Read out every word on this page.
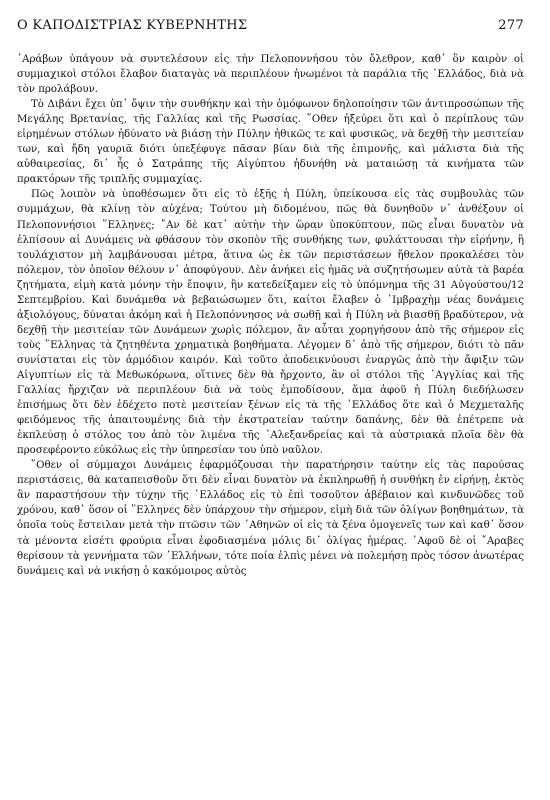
Ο ΚΑΠΟΔΙΣΤΡΙΑΣ ΚΥΒΕΡΝΗΤΗΣ	277

᾿Αράβων ὑπάγουν νὰ συντελέσουν εἰς τὴν Πελοποννήσου τὸν ὄλεθρον, καθ᾿ ὃν καιρὸν οἱ συμμαχικοὶ στόλοι ἔλαβον διαταγὰς νὰ περιπλέουν ἡνωμένοι τὰ παράλια τῆς ῾Ελλάδος, διὰ νὰ τὸν προλάβουν.

Τὸ Διβάνι ἔχει ὑπ᾿ ὄψιν τὴν συνθήκην καὶ τὴν ὁμόφωνον δηλοποίησιν τῶν ἀντιπροσώπων τῆς Μεγάλης Βρετανίας, τῆς Γαλλίας καὶ τῆς Ρωσσίας. ῞Οθεν ἠξεύρει ὅτι καὶ ὁ περίπλους τῶν εἰρημένων στόλων ἠδύνατο νὰ βιάσῃ τὴν Πύλην ἠθικῶς τε καὶ φυσικῶς, νὰ δεχθῇ τὴν μεσιτείαν των, καὶ ἤδη γαυριᾶ διότι ὑπεξέφυγε πᾶσαν βίαν διὰ τῆς ἐπιμονῆς, καὶ μάλιστα διὰ τῆς αὐθαιρεσίας, δι᾿ ἧς ὁ Σατράπης τῆς Αἰγύπτου ἠδυνήθη νὰ ματαιώσῃ τὰ κινήματα τῶν πρακτόρων τῆς τριπλῆς συμμαχίας.

Πῶς λοιπὸν νὰ ὑποθέσωμεν ὅτι εἰς τὸ ἑξῆς ἡ Πύλη, ὑπείκουσα εἰς τὰς συμβουλὰς τῶν συμμάχων, θὰ κλίνῃ τὸν αὐχένα; Τούτου μὴ διδομένου, πῶς θὰ δυνηθοῦν ν᾿ ἀνθέξουν οἱ Πελοποννήσιοι ῞Ελληνες; ῎Αν δὲ κατ᾿ αὐτὴν τὴν ὥραν ὑποκύπτουν, πῶς εἶναι δυνατὸν νὰ ἐλπίσουν αἱ Δυνάμεις νὰ φθάσουν τὸν σκοπὸν τῆς συνθήκης των, φυλάττουσαι τὴν εἰρήνην, ἢ τουλάχιστον μὴ λαμβάνουσαι μέτρα, ἅτινα ὡς ἐκ τῶν περιστάσεων ἤθελον προκαλέσει τὸν πόλεμον, τὸν ὁποῖον θέλουν ν᾿ ἀποφύγουν. Δὲν ἀνήκει εἰς ἡμᾶς νὰ συζητήσωμεν αὐτὰ τὰ βαρέα ζητήματα, εἰμὴ κατὰ μόνην τὴν ἔποψιν, ἣν κατεδείξαμεν εἰς τὸ ὑπόμνημα τῆς 31 Αὐγούστου/12 Σεπτεμβρίου. Καὶ δυνάμεθα νὰ βεβαιώσωμεν ὅτι, καίτοι ἔλαβεν ὁ ᾿Ιμβραχὴμ νέας δυνάμεις ἀξιολόγους, δύναται ἀκόμη καὶ ἡ Πελοπόννησος νὰ σωθῇ καὶ ἡ Πύλη νὰ βιασθῇ βραδύτερον, νὰ δεχθῇ τὴν μεσιτείαν τῶν Δυνάμεων χωρὶς πόλεμον, ἂν αὗται χορηγήσουν ἀπὸ τῆς σήμερον εἰς τοὺς ῞Ελληνας τὰ ζητηθέντα χρηματικὰ βοηθήματα. Λέγομεν δ᾿ ἀπὸ τῆς σήμερον, διότι τὸ πᾶν συνίσταται εἰς τὸν ἁρμόδιον καιρόν. Καὶ τοῦτο ἀποδεικνύουσι ἐναργῶς ἀπὸ τὴν ἄφιξιν τῶν Αἰγυπτίων εἰς τὰ Μεθωκόρωνα, οἵτινες δὲν θὰ ἤρχοντο, ἂν οἱ στόλοι τῆς ᾿Αγγλίας καὶ τῆς Γαλλίας ἤρχιζαν νὰ περιπλέουν διὰ νὰ τοὺς ἐμποδίσουν, ἅμα ἀφοῦ ἡ Πύλη διεδήλωσεν ἐπισήμως ὅτι δὲν ἐδέχετο ποτὲ μεσιτείαν ξένων εἰς τὰ τῆς ῾Ελλάδος ὅτε καὶ ὁ Μεχμεταλῆς φειδόμενος τῆς ἀπαιτουμένης διὰ τὴν ἐκστρατείαν ταύτην δαπάνης, δὲν θὰ ἐπέτρεπε νὰ ἐκπλεύσῃ ὁ στόλος του ἀπὸ τὸν λιμένα τῆς ᾿Αλεξανδρείας καὶ τὰ αὐστριακὰ πλοῖα δὲν θὰ προσεφέροντο εὐκόλως εἰς τὴν ὑπηρεσίαν του ὑπὸ ναῦλον.

῞Οθεν οἱ σύμμαχοι Δυνάμεις ἐφαρμόζουσαι τὴν παρατήρησιν ταύτην εἰς τὰς παρούσας περιστάσεις, θὰ καταπεισθοῦν ὅτι δὲν εἶναι δυνατὸν νὰ ἐκπληρωθῇ ἡ συνθήκη ἐν εἰρήνῃ, ἐκτὸς ἂν παραστήσουν τὴν τύχην τῆς ῾Ελλάδος εἰς τὸ ἐπὶ τοσοῦτον ἀβέβαιον καὶ κινδυνῶδες τοῦ χρόνου, καθ᾿ ὅσον οἱ ῞Ελληνες δὲν ὑπάρχουν τὴν σήμερον, εἰμὴ διὰ τῶν ὀλίγων βοηθημάτων, τὰ ὁποῖα τοὺς ἔστειλαν μετὰ τὴν πτῶσιν τῶν ᾿Αθηνῶν οἱ εἰς τὰ ξένα ὁμογενεῖς των καὶ καθ᾿ ὅσον τὰ μένοντα εἰσέτι φρούρια εἶναι ἐφοδιασμένα μόλις δι᾿ ὀλίγας ἡμέρας. ᾿Αφοῦ δὲ οἱ ῎Αραβες θερίσουν τὰ γεννήματα τῶν ῾Ελλήνων, τότε ποία ἐλπὶς μένει νὰ πολεμήσῃ πρὸς τόσον ἀνωτέρας δυνάμεις καὶ νὰ νικήσῃ ὁ κακόμοιρος αὐτὸς
